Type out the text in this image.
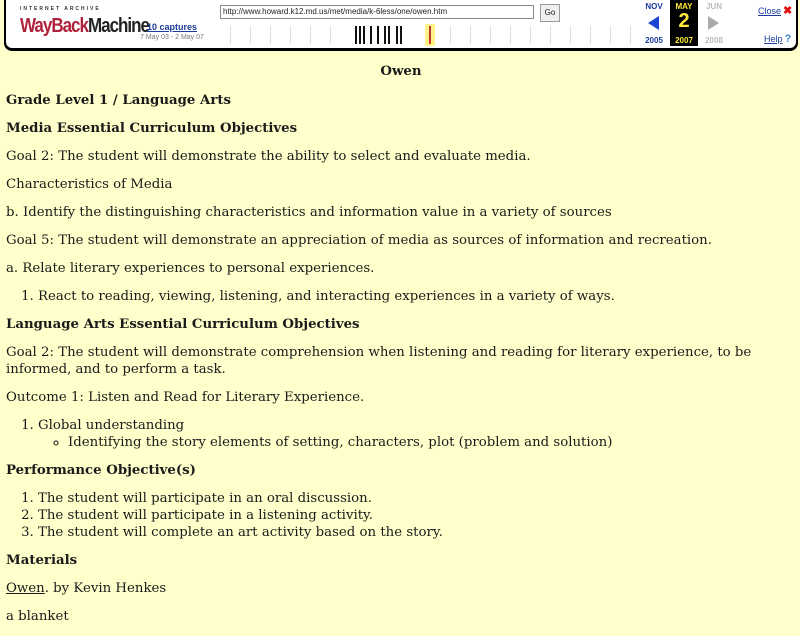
INTERNET ARCHIVE
WayBack Machine
10 captures
7 May 03 - 2 May 07
http://www.howard.k12.md.us/met/media/k-6less/one/owen.htm
Go
NOV
2005
MAY
2
2007
JUN
2008
Close ✖
Help ?
Owen
Grade Level 1 / Language Arts
Media Essential Curriculum Objectives

Goal 2: The student will demonstrate the ability to select and evaluate media.

Characteristics of Media

b. Identify the distinguishing characteristics and information value in a variety of sources

Goal 5: The student will demonstrate an appreciation of media as sources of information and recreation.

a. Relate literary experiences to personal experiences.

1. React to reading, viewing, listening, and interacting experiences in a variety of ways.
Language Arts Essential Curriculum Objectives

Goal 2: The student will demonstrate comprehension when listening and reading for literary experience, to be informed, and to perform a task.

Outcome 1: Listen and Read for Literary Experience.

1. Global understanding
◦ Identifying the story elements of setting, characters, plot (problem and solution)
Performance Objective(s)
1. The student will participate in an oral discussion.
2. The student will participate in a listening activity.
3. The student will complete an art activity based on the story.
Materials

Owen. by Kevin Henkes

a blanket
